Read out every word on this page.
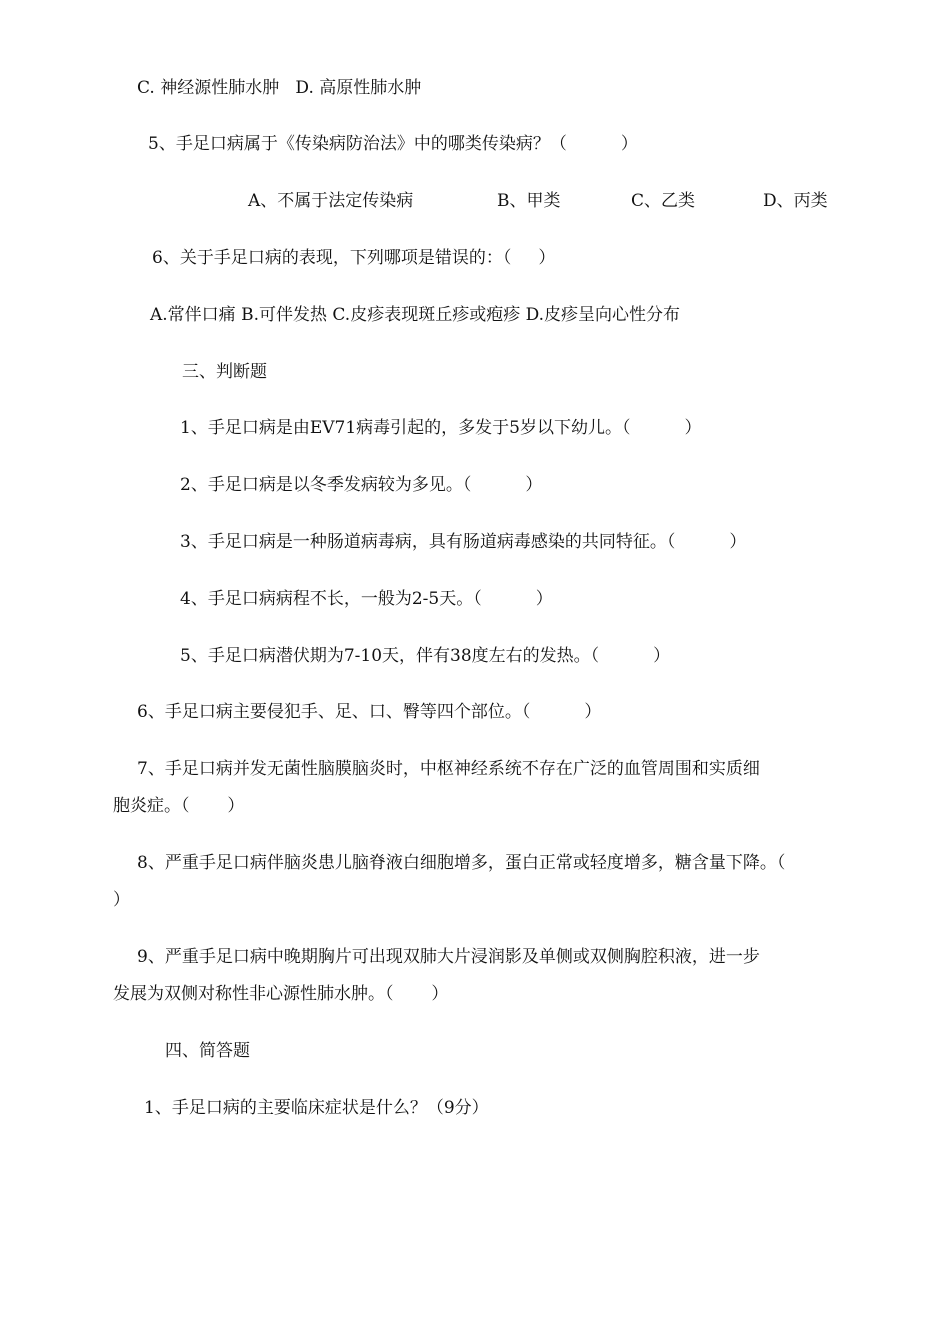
C. 神经源性肺水肿   D. 高原性肺水肿
5、手足口病属于《传染病防治法》中的哪类传染病？（          ）
A、不属于法定传染病	B、甲类	C、乙类	D、丙类
6、关于手足口病的表现，下列哪项是错误的：（     ）
A.常伴口痛 B.可伴发热 C.皮疹表现斑丘疹或疱疹 D.皮疹呈向心性分布
三、判断题
1、手足口病是由EV71病毒引起的，多发于5岁以下幼儿。（          ）
2、手足口病是以冬季发病较为多见。（          ）
3、手足口病是一种肠道病毒病，具有肠道病毒感染的共同特征。（          ）
4、手足口病病程不长，一般为2-5天。（          ）
5、手足口病潜伏期为7-10天，伴有38度左右的发热。（          ）
6、手足口病主要侵犯手、足、口、臀等四个部位。（          ）
7、手足口病并发无菌性脑膜脑炎时，中枢神经系统不存在广泛的血管周围和实质细
胞炎症。（       ）
8、严重手足口病伴脑炎患儿脑脊液白细胞增多，蛋白正常或轻度增多，糖含量下降。（
）
9、严重手足口病中晚期胸片可出现双肺大片浸润影及单侧或双侧胸腔积液，进一步
发展为双侧对称性非心源性肺水肿。（       ）
四、简答题
1、手足口病的主要临床症状是什么？（9分）
